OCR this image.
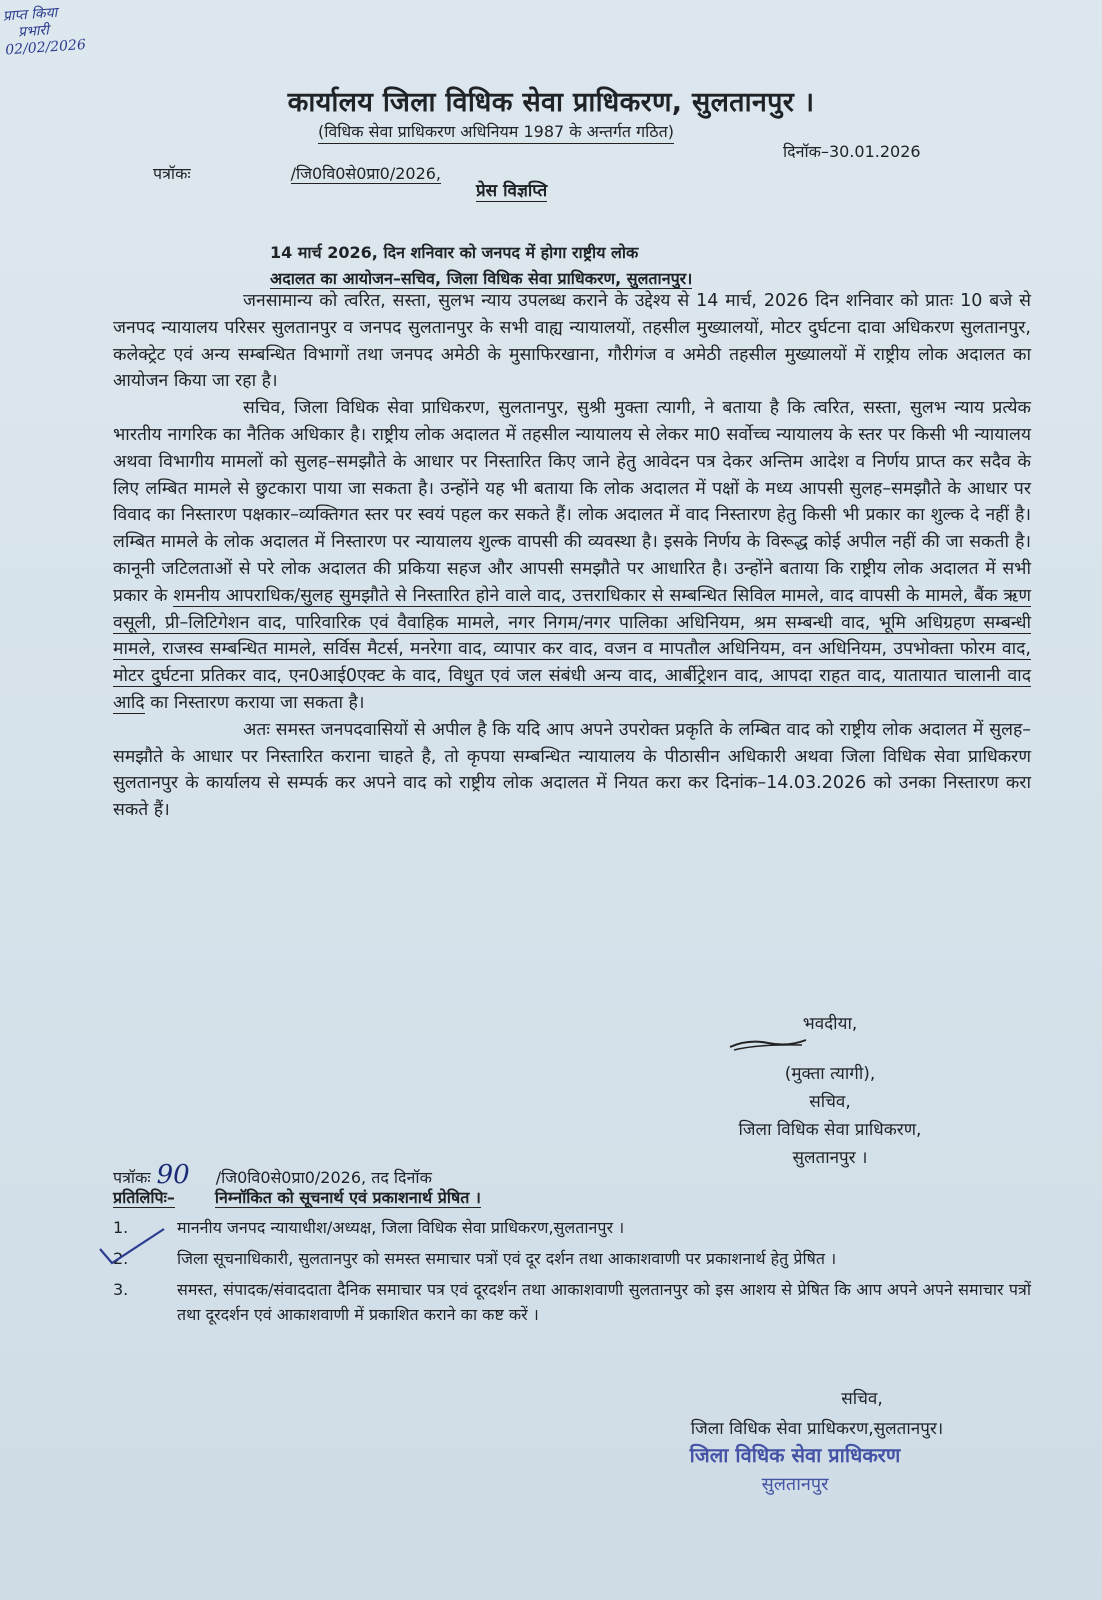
प्राप्त किया
प्रभारी
02/02/2026
कार्यालय जिला विधिक सेवा प्राधिकरण, सुलतानपुर ।
(विधिक सेवा प्राधिकरण अधिनियम 1987 के अन्तर्गत गठित)
दिनॉक–30.01.2026
पत्रॉकः	/जि0वि0से0प्रा0/2026,
प्रेस विज्ञप्ति
14 मार्च 2026, दिन शनिवार को जनपद में होगा राष्ट्रीय लोक
अदालत का आयोजन–सचिव, जिला विधिक सेवा प्राधिकरण, सुलतानपुर।

जनसामान्य को त्वरित, सस्ता, सुलभ न्याय उपलब्ध कराने के उद्देश्य से 14 मार्च, 2026 दिन शनिवार को प्रातः 10 बजे से जनपद न्यायालय परिसर सुलतानपुर व जनपद सुलतानपुर के सभी वाह्य न्यायालयों, तहसील मुख्यालयों, मोटर दुर्घटना दावा अधिकरण सुलतानपुर, कलेक्ट्रेट एवं अन्य सम्बन्धित विभागों तथा जनपद अमेठी के मुसाफिरखाना, गौरीगंज व अमेठी तहसील मुख्यालयों में राष्ट्रीय लोक अदालत का आयोजन किया जा रहा है।

सचिव, जिला विधिक सेवा प्राधिकरण, सुलतानपुर, सुश्री मुक्ता त्यागी, ने बताया है कि त्वरित, सस्ता, सुलभ न्याय प्रत्येक भारतीय नागरिक का नैतिक अधिकार है। राष्ट्रीय लोक अदालत में तहसील न्यायालय से लेकर मा0 सर्वोच्च न्यायालय के स्तर पर किसी भी न्यायालय अथवा विभागीय मामलों को सुलह–समझौते के आधार पर निस्तारित किए जाने हेतु आवेदन पत्र देकर अन्तिम आदेश व निर्णय प्राप्त कर सदैव के लिए लम्बित मामले से छुटकारा पाया जा सकता है। उन्होंने यह भी बताया कि लोक अदालत में पक्षों के मध्य आपसी सुलह–समझौते के आधार पर विवाद का निस्तारण पक्षकार–व्यक्तिगत स्तर पर स्वयं पहल कर सकते हैं। लोक अदालत में वाद निस्तारण हेतु किसी भी प्रकार का शुल्क दे नहीं है। लम्बित मामले के लोक अदालत में निस्तारण पर न्यायालय शुल्क वापसी की व्यवस्था है। इसके निर्णय के विरूद्ध कोई अपील नहीं की जा सकती है। कानूनी जटिलताओं से परे लोक अदालत की प्रकिया सहज और आपसी समझौते पर आधारित है। उन्होंने बताया कि राष्ट्रीय लोक अदालत में सभी प्रकार के शमनीय आपराधिक/सुलह सुमझौते से निस्तारित होने वाले वाद, उत्तराधिकार से सम्बन्धित सिविल मामले, वाद वापसी के मामले, बैंक ऋण वसूली, प्री–लिटिगेशन वाद, पारिवारिक एवं वैवाहिक मामले, नगर निगम/नगर पालिका अधिनियम, श्रम सम्बन्धी वाद, भूमि अधिग्रहण सम्बन्धी मामले, राजस्व सम्बन्धित मामले, सर्विस मैटर्स, मनरेगा वाद, व्यापार कर वाद, वजन व मापतौल अधिनियम, वन अधिनियम, उपभोक्ता फोरम वाद, मोटर दुर्घटना प्रतिकर वाद, एन0आई0एक्ट के वाद, विधुत एवं जल संबंधी अन्य वाद, आर्बीट्रेशन वाद, आपदा राहत वाद, यातायात चालानी वाद आदि का निस्तारण कराया जा सकता है।

अतः समस्त जनपदवासियों से अपील है कि यदि आप अपने उपरोक्त प्रकृति के लम्बित वाद को राष्ट्रीय लोक अदालत में सुलह–समझौते के आधार पर निस्तारित कराना चाहते है, तो कृपया सम्बन्धित न्यायालय के पीठासीन अधिकारी अथवा जिला विधिक सेवा प्राधिकरण सुलतानपुर के कार्यालय से सम्पर्क कर अपने वाद को राष्ट्रीय लोक अदालत में नियत करा कर दिनांक–14.03.2026 को उनका निस्तारण करा सकते हैं।

भवदीया,
(मुक्ता त्यागी),
सचिव,
जिला विधिक सेवा प्राधिकरण,
सुलतानपुर ।
पत्रॉकः 90 /जि0वि0से0प्रा0/2026, तद दिनॉक
प्रतिलिपिः–	निम्नॉकित को सूचनार्थ एवं प्रकाशनार्थ प्रेषित ।
1.	माननीय जनपद न्यायाधीश/अध्यक्ष, जिला विधिक सेवा प्राधिकरण,सुलतानपुर ।
2.	जिला सूचनाधिकारी, सुलतानपुर को समस्त समाचार पत्रों एवं दूर दर्शन तथा आकाशवाणी पर प्रकाशनार्थ हेतु प्रेषित ।
3.	समस्त, संपादक/संवाददाता दैनिक समाचार पत्र एवं दूरदर्शन तथा आकाशवाणी सुलतानपुर को इस आशय से प्रेषित कि आप अपने अपने समाचार पत्रों तथा दूरदर्शन एवं आकाशवाणी में प्रकाशित कराने का कष्ट करें ।
सचिव,
जिला विधिक सेवा प्राधिकरण,सुलतानपुर।
जिला विधिक सेवा प्राधिकरण
सुलतानपुर
